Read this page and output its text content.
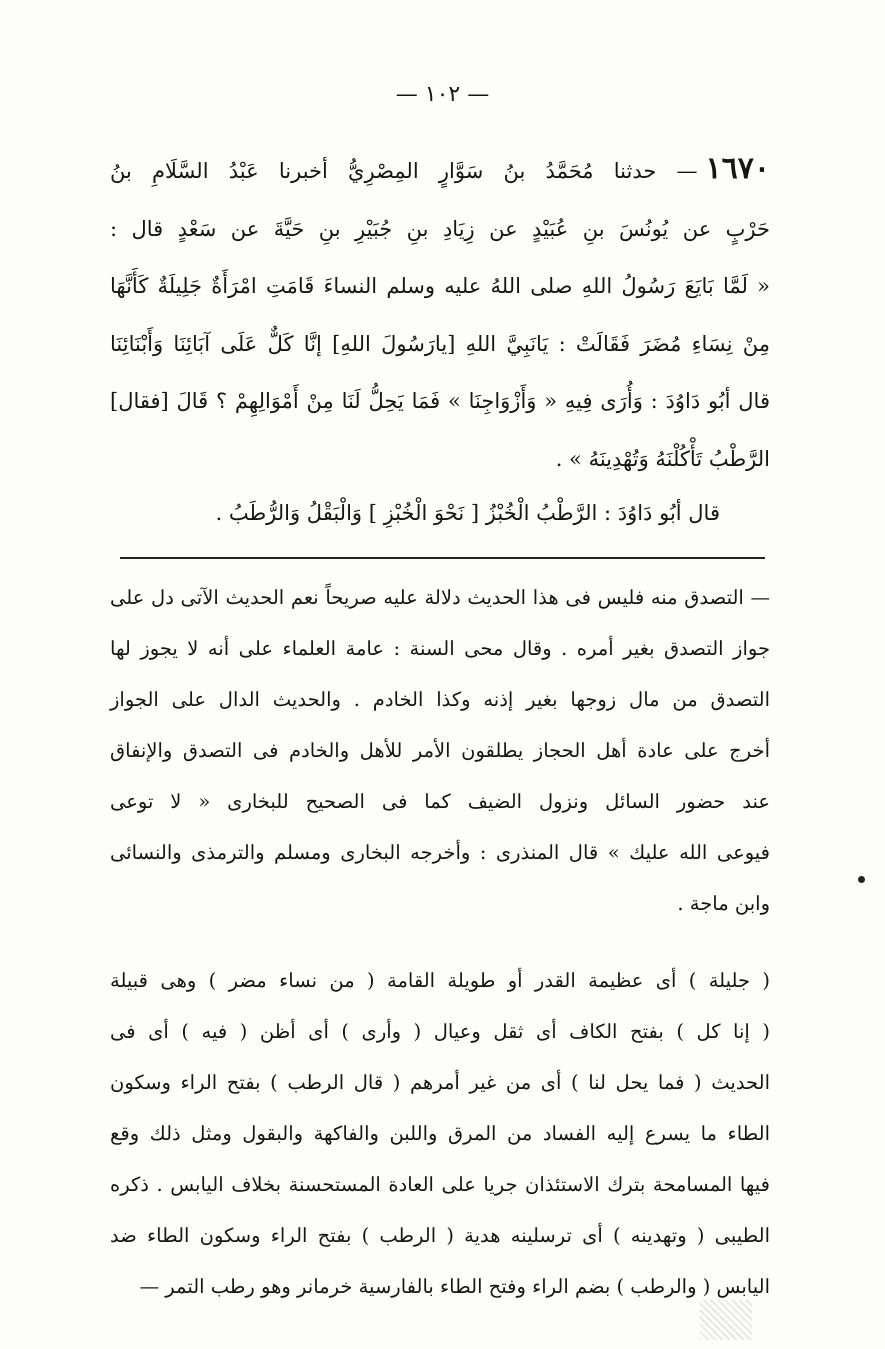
— ١٠٢ —

١٦٧٠— حدثنا مُحَمَّدُ بنُ سَوَّارٍ المِصْرِيُّ أخبرنا عَبْدُ السَّلَامِ بنُ

حَرْبٍ عن يُونُسَ بنِ عُبَيْدٍ عن زِيَادِ بنِ جُبَيْرِ بنِ حَيَّةَ عن سَعْدٍ قال :

« لَمَّا بَايَعَ رَسُولُ اللهِ صلى اللهُ عليه وسلم النساءَ قَامَتِ امْرَأَةٌ جَلِيلَةٌ كَأَنَّهَا

مِنْ نِسَاءِ مُضَرَ فَقَالَتْ : يَانَبِيَّ اللهِ [يارَسُولَ اللهِ] إنَّا كَلٌّ عَلَى آبَائِنَا وَأَبْنَائِنَا

قال أبُو دَاوُدَ : وَأُرَى فِيهِ « وَأَزْوَاجِنَا » فَمَا يَحِلُّ لَنَا مِنْ أَمْوَالِهِمْ ؟ قَالَ [فقال]

الرَّطْبُ تَأْكُلْنَهُ وَتُهْدِينَهُ » .

قال أبُو دَاوُدَ : الرَّطْبُ الْخُبْزُ [ نَحْوَ الْخُبْزِ ] وَالْبَقْلُ وَالرُّطَبُ .

— التصدق منه فليس فى هذا الحديث دلالة عليه صريحاً نعم الحديث الآتى دل على

جواز التصدق بغير أمره . وقال محى السنة : عامة العلماء على أنه لا يجوز لها

التصدق من مال زوجها بغير إذنه وكذا الخادم . والحديث الدال على الجواز

أخرج على عادة أهل الحجاز يطلقون الأمر للأهل والخادم فى التصدق والإنفاق

عند حضور السائل ونزول الضيف كما فى الصحيح للبخارى « لا توعى

فيوعى الله عليك » قال المنذرى : وأخرجه البخارى ومسلم والترمذى والنسائى

وابن ماجة .

( جليلة ) أى عظيمة القدر أو طويلة القامة ( من نساء مضر ) وهى قبيلة

( إنا كل ) بفتح الكاف أى ثقل وعيال ( وأرى ) أى أظن ( فيه ) أى فى

الحديث ( فما يحل لنا ) أى من غير أمرهم ( قال الرطب ) بفتح الراء وسكون

الطاء ما يسرع إليه الفساد من المرق واللبن والفاكهة والبقول ومثل ذلك وقع

فيها المسامحة بترك الاستئذان جريا على العادة المستحسنة بخلاف اليابس . ذكره

الطيبى ( وتهدينه ) أى ترسلينه هدية ( الرطب ) بفتح الراء وسكون الطاء ضد

اليابس ( والرطب ) بضم الراء وفتح الطاء بالفارسية خرمانر وهو رطب التمر —
